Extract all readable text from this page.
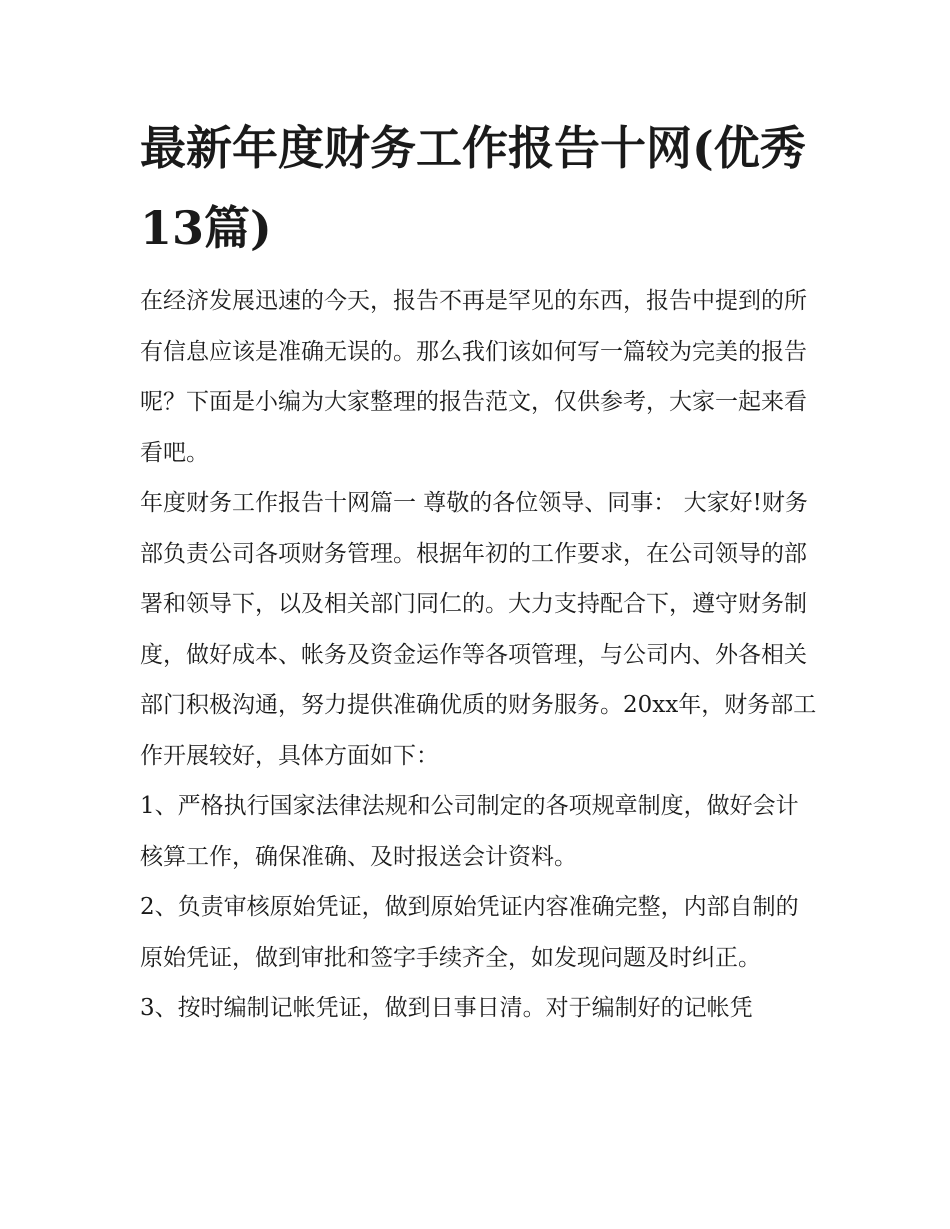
最新年度财务工作报告十网(优秀13篇)

在经济发展迅速的今天，报告不再是罕见的东西，报告中提到的所有信息应该是准确无误的。那么我们该如何写一篇较为完美的报告呢？下面是小编为大家整理的报告范文，仅供参考，大家一起来看看吧。

年度财务工作报告十网篇一 尊敬的各位领导、同事： 大家好!财务部负责公司各项财务管理。根据年初的工作要求，在公司领导的部署和领导下，以及相关部门同仁的。大力支持配合下，遵守财务制度，做好成本、帐务及资金运作等各项管理，与公司内、外各相关部门积极沟通，努力提供准确优质的财务服务。20xx年，财务部工作开展较好，具体方面如下：

1、严格执行国家法律法规和公司制定的各项规章制度，做好会计核算工作，确保准确、及时报送会计资料。

2、负责审核原始凭证，做到原始凭证内容准确完整，内部自制的原始凭证，做到审批和签字手续齐全，如发现问题及时纠正。

3、按时编制记帐凭证，做到日事日清。对于编制好的记帐凭
